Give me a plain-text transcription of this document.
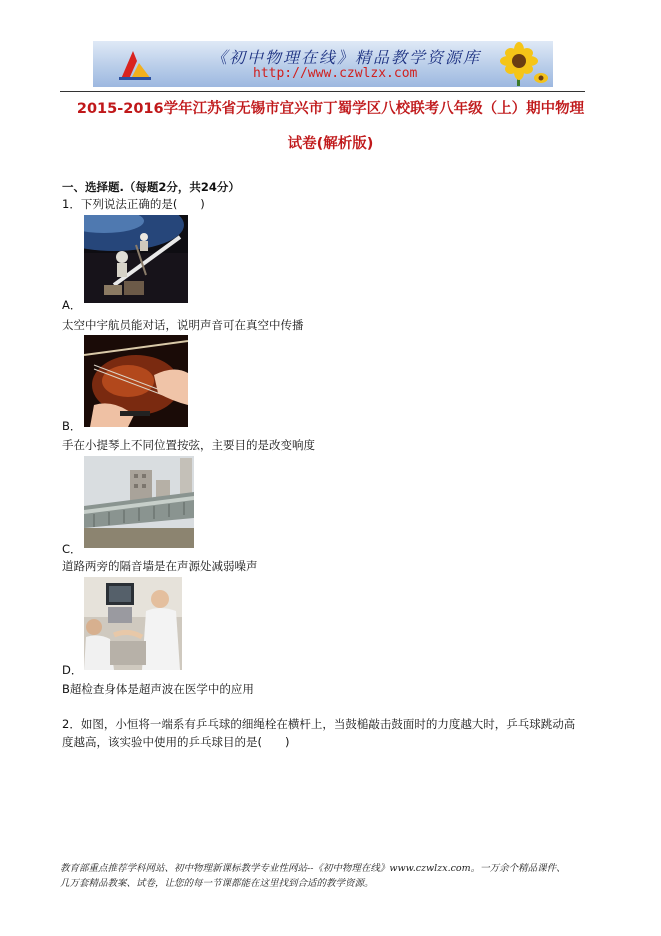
《初中物理在线》精品教学资源库
http://www.czwlzx.com
2015-2016学年江苏省无锡市宜兴市丁蜀学区八校联考八年级（上）期中物理
试卷(解析版)
一、选择题.（每题2分，共24分）
1．下列说法正确的是(　　)
A．
太空中宇航员能对话，说明声音可在真空中传播
B．
手在小提琴上不同位置按弦，主要目的是改变响度
C．
道路两旁的隔音墙是在声源处减弱噪声
D．
B超检查身体是超声波在医学中的应用
2．如图，小恒将一端系有乒乓球的细绳栓在横杆上，当鼓槌敲击鼓面时的力度越大时，乒乓球跳动高
度越高，该实验中使用的乒乓球目的是(　　)
教育部重点推荐学科网站、初中物理新课标教学专业性网站--《初中物理在线》www.czwlzx.com。一万余个精品课件、
几万套精品教案、试卷，让您的每一节课都能在这里找到合适的教学资源。
